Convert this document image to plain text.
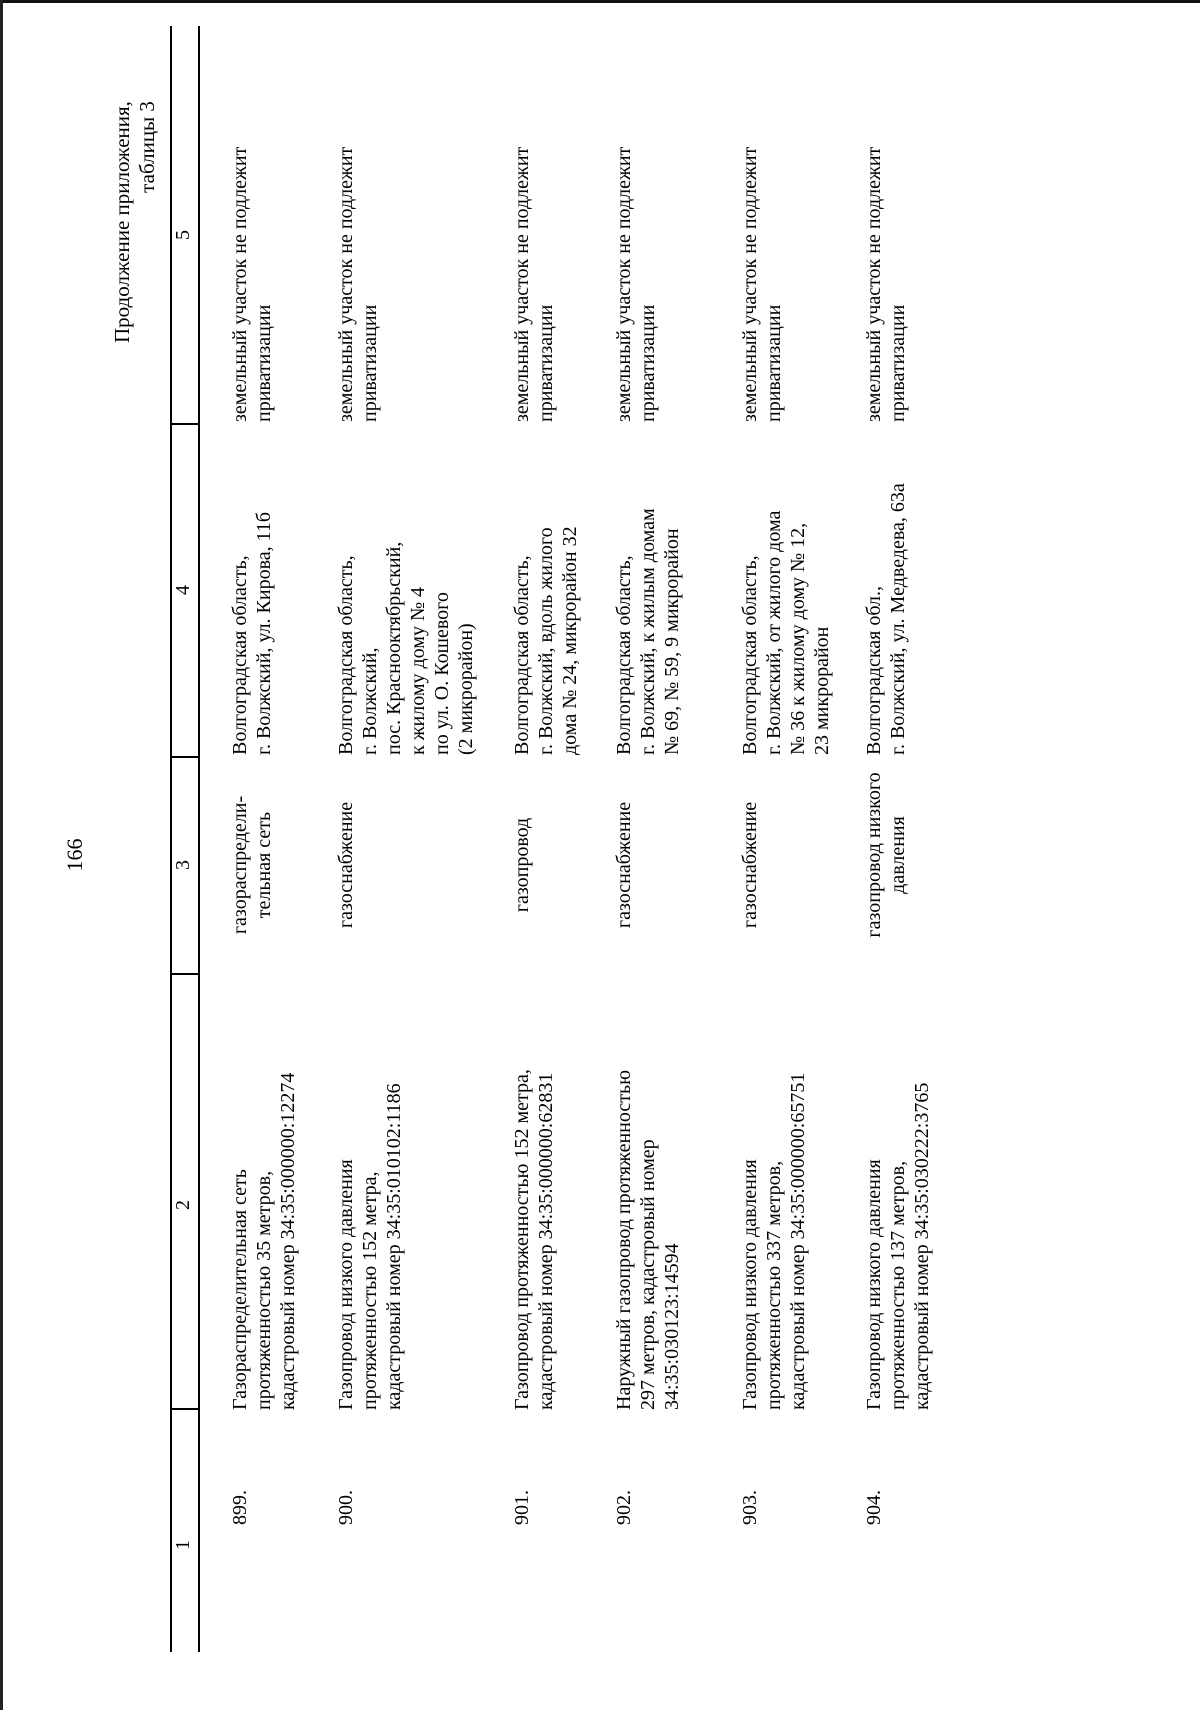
166
Продолжение приложения, таблицы 3
1
2
3
4
5
899.
Газораспределительная сеть протяженностью 35 метров, кадастровый номер 34:35:000000:12274
газораспредели- тельная сеть
Волгоградская область, г. Волжский, ул. Кирова, 11б
земельный участок не подлежит приватизации
900.
Газопровод низкого давления протяженностью 152 метра, кадастровый номер 34:35:010102:1186
газоснабжение
Волгоградская область, г. Волжский, пос. Краснооктябрьский, к жилому дому № 4 по ул. О. Кошевого (2 микрорайон)
земельный участок не подлежит приватизации
901.
Газопровод протяженностью 152 метра, кадастровый номер 34:35:000000:62831
газопровод
Волгоградская область, г. Волжский, вдоль жилого дома № 24, микрорайон 32
земельный участок не подлежит приватизации
902.
Наружный газопровод протяженностью 297 метров, кадастровый номер 34:35:030123:14594
газоснабжение
Волгоградская область, г. Волжский, к жилым домам № 69, № 59, 9 микрорайон
земельный участок не подлежит приватизации
903.
Газопровод низкого давления протяженностью 337 метров, кадастровый номер 34:35:000000:65751
газоснабжение
Волгоградская область, г. Волжский, от жилого дома № 36 к жилому дому № 12, 23 микрорайон
земельный участок не подлежит приватизации
904.
Газопровод низкого давления протяженностью 137 метров, кадастровый номер 34:35:030222:3765
газопровод низкого давления
Волгоградская обл., г. Волжский, ул. Медведева, 63а
земельный участок не подлежит приватизации
